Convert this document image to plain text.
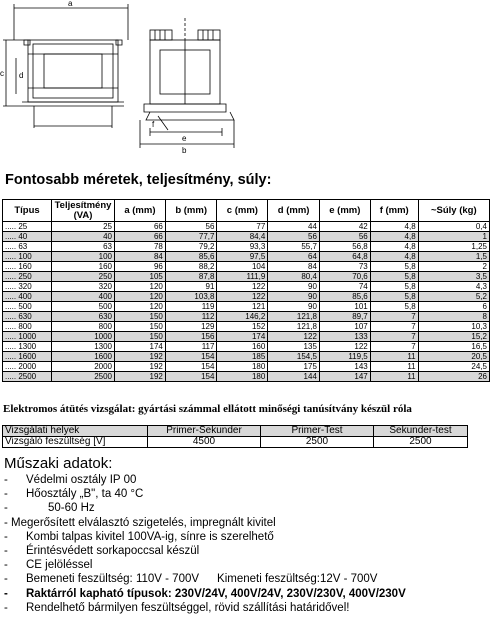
a
c d
e
b
f
Fontosabb méretek, teljesítmény, súly:
Típus	Teljesítmény (VA)	a (mm)	b (mm)	c (mm)	d (mm)	e (mm)	f (mm)	~Súly (kg)
..... 25	25	66	56	77	44	42	4,8	0,4
..... 40	40	66	77,7	84,4	56	56	4,8	1
..... 63	63	78	79,2	93,3	55,7	56,8	4,8	1,25
..... 100	100	84	85,6	97,5	64	64,8	4,8	1,5
..... 160	160	96	88,2	104	84	73	5,8	2
..... 250	250	105	87,8	111,9	80,4	70,6	5,8	3,5
..... 320	320	120	91	122	90	74	5,8	4,3
..... 400	400	120	103,8	122	90	85,6	5,8	5,2
..... 500	500	120	119	121	90	101	5,8	6
..... 630	630	150	112	146,2	121,8	89,7	7	8
..... 800	800	150	129	152	121,8	107	7	10,3
..... 1000	1000	150	156	174	122	133	7	15,2
..... 1300	1300	174	117	160	135	122	7	16,5
..... 1600	1600	192	154	185	154,5	119,5	11	20,5
..... 2000	2000	192	154	180	175	143	11	24,5
..... 2500	2500	192	154	180	144	147	11	26
Elektromos átütés vizsgálat: gyártási számmal ellátott minőségi tanúsítvány készül róla
Vizsgálati helyek	Primer-Sekunder	Primer-Test	Sekunder-test
Vizsgáló feszültség [V]	4500	2500	2500
Műszaki adatok:
- Védelmi osztály IP 00
- Hőosztály „B", ta 40 °C
-	50-60 Hz
- Megerősített elválasztó szigetelés, impregnált kivitel
- Kombi talpas kivitel 100VA-ig, sínre is szerelhető
- Érintésvédett sorkapoccsal készül
- CE jelöléssel
- Bemeneti feszültség: 110V - 700V Kimeneti feszültség:12V - 700V
- Raktárról kapható típusok: 230V/24V, 400V/24V, 230V/230V, 400V/230V
- Rendelhető bármilyen feszültséggel, rövid szállítási határidővel!
